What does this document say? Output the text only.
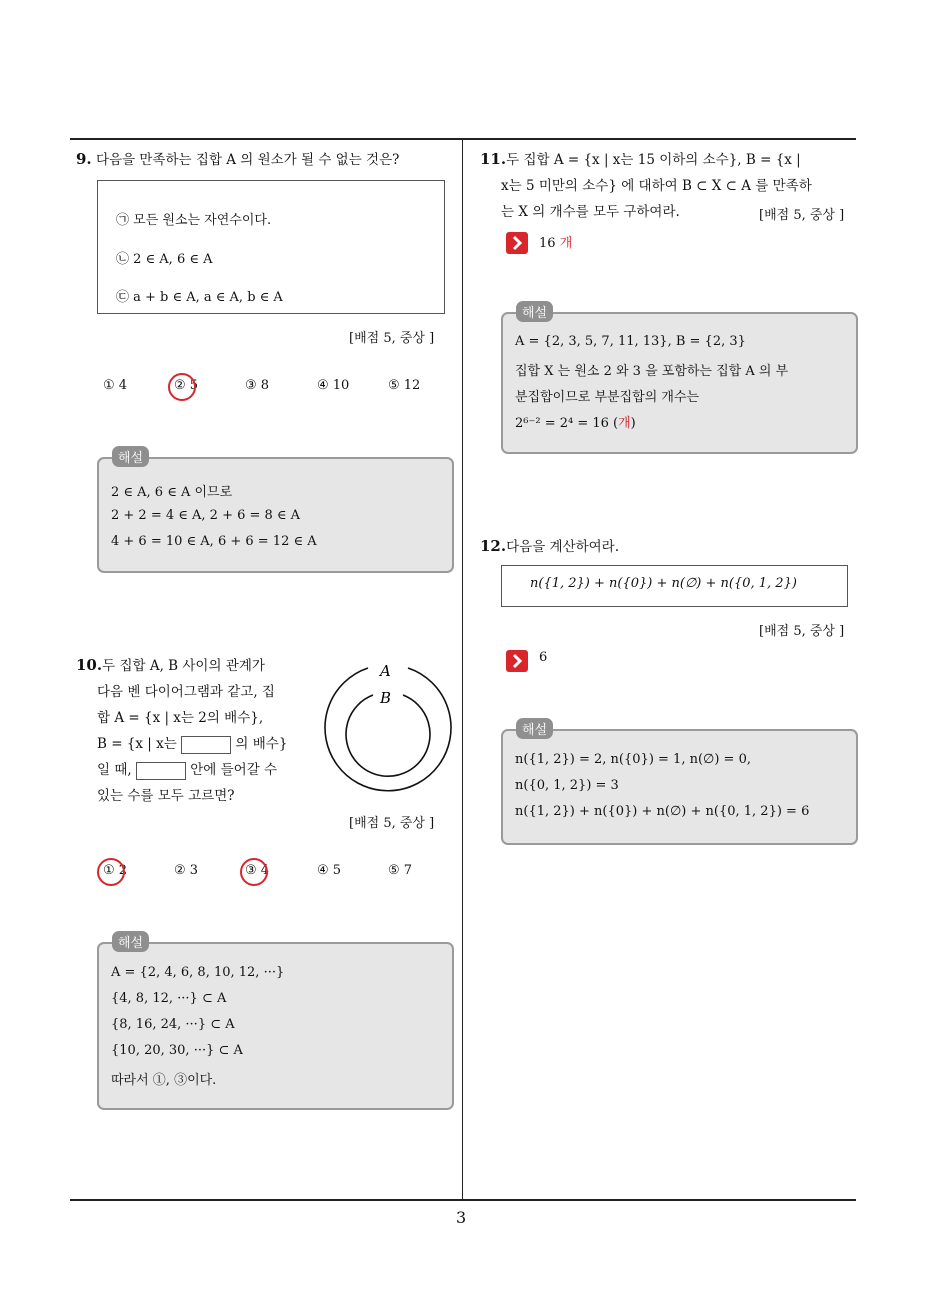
3
9. 다음을 만족하는 집합 A 의 원소가 될 수 없는 것은?
㉠ 모든 원소는 자연수이다.
㉡ 2 ∈ A, 6 ∈ A
㉢ a + b ∈ A, a ∈ A, b ∈ A
[배점 5, 중상 ]
① 4	② 5	③ 8	④ 10	⑤ 12
2 ∈ A, 6 ∈ A 이므로
2 + 2 = 4 ∈ A, 2 + 6 = 8 ∈ A
4 + 6 = 10 ∈ A, 6 + 6 = 12 ∈ A
해설
10.두 집합 A, B 사이의 관계가
다음 벤 다이어그램과 같고, 집
합 A = {x | x는 2의 배수},
B = {x | x는	의 배수}
일 때,	안에 들어갈 수
있는 수를 모두 고르면?
A
B
[배점 5, 중상 ]
① 2	② 3	③ 4	④ 5	⑤ 7
A = {2, 4, 6, 8, 10, 12, ···}
{4, 8, 12, ···} ⊂ A
{8, 16, 24, ···} ⊂ A
{10, 20, 30, ···} ⊂ A
따라서 ①, ③이다.
해설
11.두 집합 A = {x | x는 15 이하의 소수}, B = {x |
x는 5 미만의 소수} 에 대하여 B ⊂ X ⊂ A 를 만족하
는 X 의 개수를 모두 구하여라.	[배점 5, 중상 ]
16 개
A = {2, 3, 5, 7, 11, 13}, B = {2, 3}
집합 X 는 원소 2 와 3 을 포함하는 집합 A 의 부
분집합이므로 부분집합의 개수는
2⁶⁻² = 2⁴ = 16 (개)
해설
12.다음을 계산하여라.
n({1, 2}) + n({0}) + n(∅) + n({0, 1, 2})
[배점 5, 중상 ]
6
n({1, 2}) = 2, n({0}) = 1, n(∅) = 0,
n({0, 1, 2}) = 3
n({1, 2}) + n({0}) + n(∅) + n({0, 1, 2}) = 6
해설
